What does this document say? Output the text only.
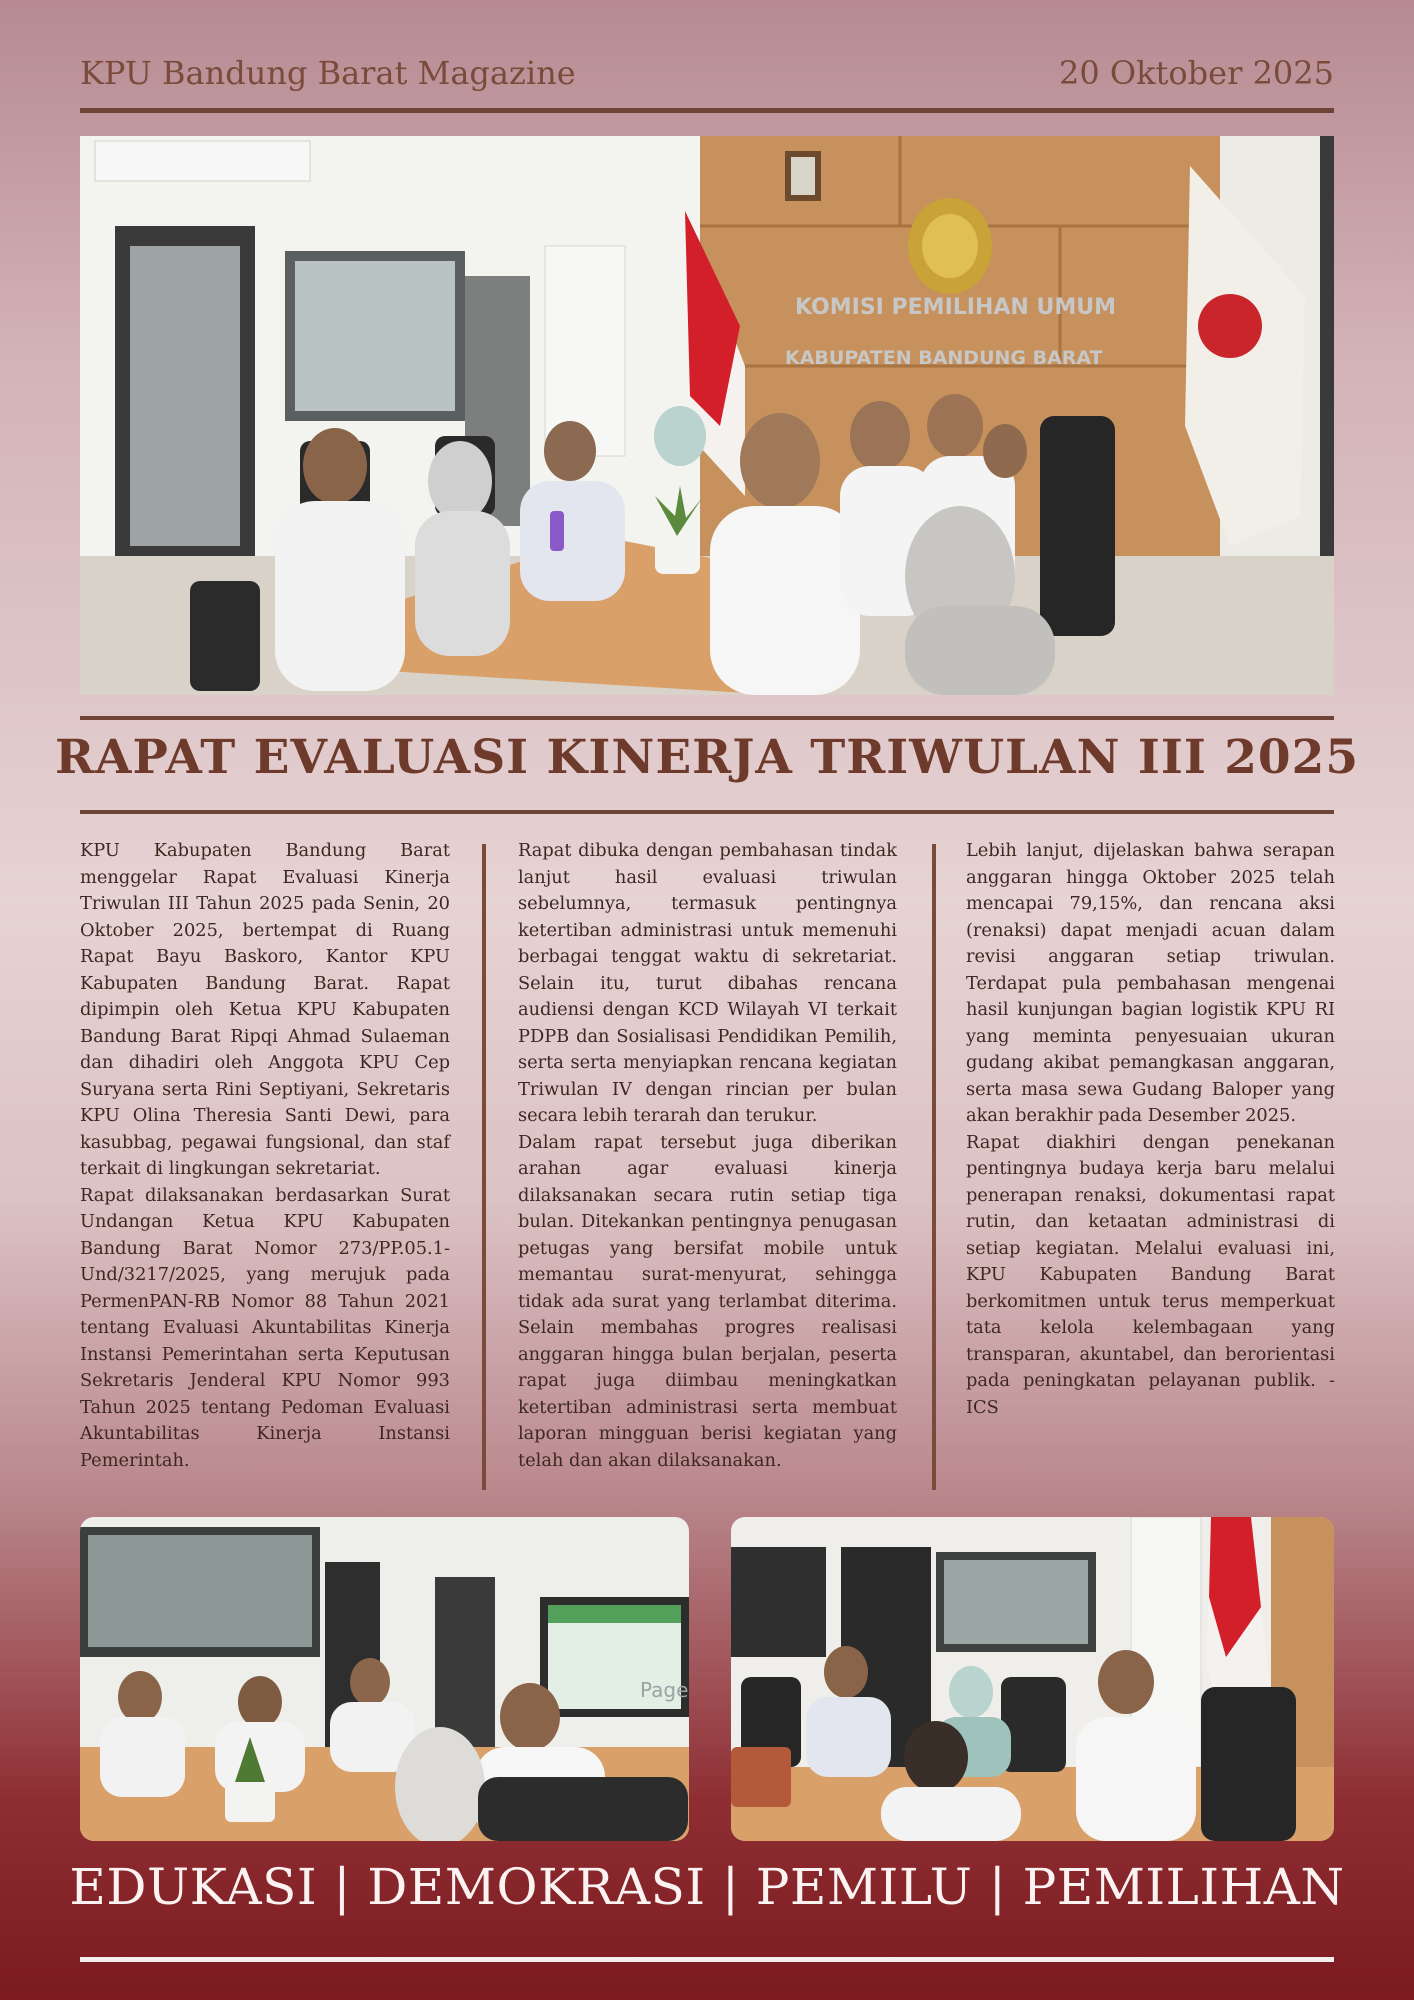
KPU Bandung Barat Magazine	20 Oktober 2025
KOMISI PEMILIHAN UMUM
KABUPATEN BANDUNG BARAT
RAPAT EVALUASI KINERJA TRIWULAN III 2025

KPU Kabupaten Bandung Barat menggelar Rapat Evaluasi Kinerja Triwulan III Tahun 2025 pada Senin, 20 Oktober 2025, bertempat di Ruang Rapat Bayu Baskoro, Kantor KPU Kabupaten Bandung Barat. Rapat dipimpin oleh Ketua KPU Kabupaten Bandung Barat Ripqi Ahmad Sulaeman dan dihadiri oleh Anggota KPU Cep Suryana serta Rini Septiyani, Sekretaris KPU Olina Theresia Santi Dewi, para kasubbag, pegawai fungsional, dan staf terkait di lingkungan sekretariat.

Rapat dilaksanakan berdasarkan Surat Undangan Ketua KPU Kabupaten Bandung Barat Nomor 273/PP.05.1-Und/3217/2025, yang merujuk pada PermenPAN-RB Nomor 88 Tahun 2021 tentang Evaluasi Akuntabilitas Kinerja Instansi Pemerintahan serta Keputusan Sekretaris Jenderal KPU Nomor 993 Tahun 2025 tentang Pedoman Evaluasi Akuntabilitas Kinerja Instansi Pemerintah.

Rapat dibuka dengan pembahasan tindak lanjut hasil evaluasi triwulan sebelumnya, termasuk pentingnya ketertiban administrasi untuk memenuhi berbagai tenggat waktu di sekretariat. Selain itu, turut dibahas rencana audiensi dengan KCD Wilayah VI terkait PDPB dan Sosialisasi Pendidikan Pemilih, serta serta menyiapkan rencana kegiatan Triwulan IV dengan rincian per bulan secara lebih terarah dan terukur.

Dalam rapat tersebut juga diberikan arahan agar evaluasi kinerja dilaksanakan secara rutin setiap tiga bulan. Ditekankan pentingnya penugasan petugas yang bersifat mobile untuk memantau surat-menyurat, sehingga tidak ada surat yang terlambat diterima. Selain membahas progres realisasi anggaran hingga bulan berjalan, peserta rapat juga diimbau meningkatkan ketertiban administrasi serta membuat laporan mingguan berisi kegiatan yang telah dan akan dilaksanakan.

Lebih lanjut, dijelaskan bahwa serapan anggaran hingga Oktober 2025 telah mencapai 79,15%, dan rencana aksi (renaksi) dapat menjadi acuan dalam revisi anggaran setiap triwulan. Terdapat pula pembahasan mengenai hasil kunjungan bagian logistik KPU RI yang meminta penyesuaian ukuran gudang akibat pemangkasan anggaran, serta masa sewa Gudang Baloper yang akan berakhir pada Desember 2025.

Rapat diakhiri dengan penekanan pentingnya budaya kerja baru melalui penerapan renaksi, dokumentasi rapat rutin, dan ketaatan administrasi di setiap kegiatan. Melalui evaluasi ini, KPU Kabupaten Bandung Barat berkomitmen untuk terus memperkuat tata kelola kelembagaan yang transparan, akuntabel, dan berorientasi pada peningkatan pelayanan publik. - ICS

Page
EDUKASI | DEMOKRASI | PEMILU | PEMILIHAN
